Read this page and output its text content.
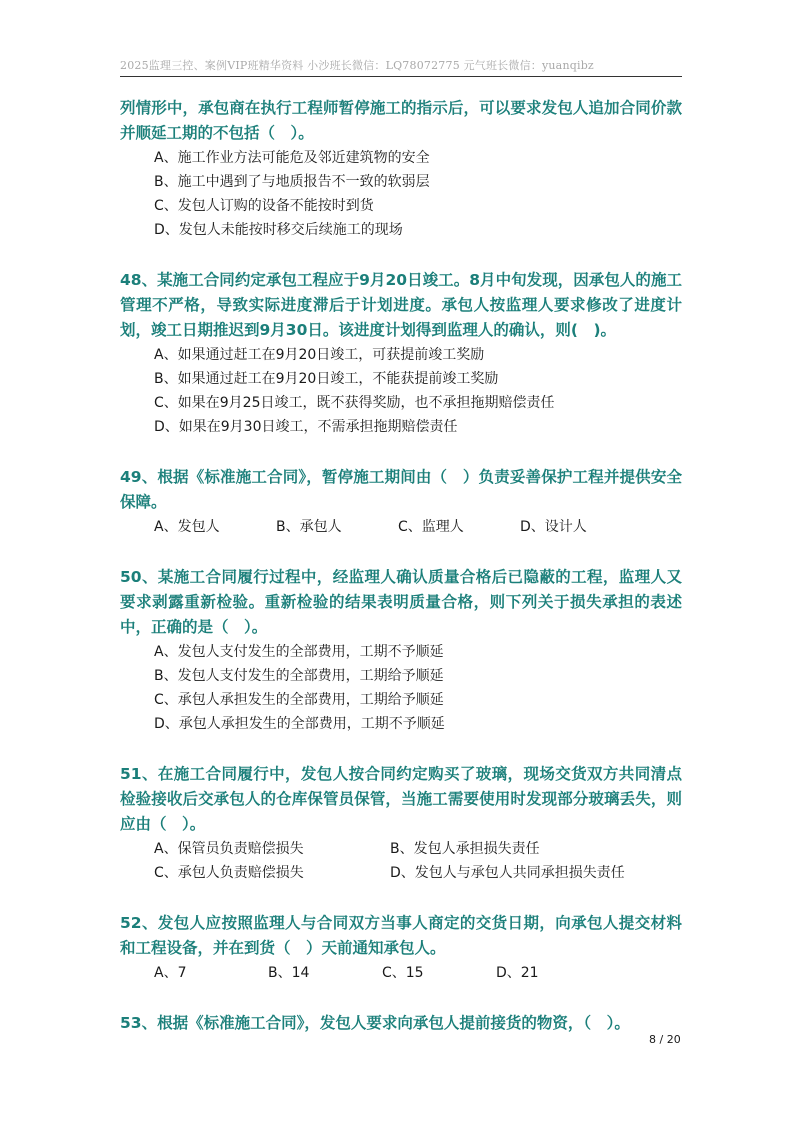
2025监理三控、案例VIP班精华资料 小沙班长微信：LQ78072775 元气班长微信：yuanqibz
列情形中，承包商在执行工程师暂停施工的指示后，可以要求发包人追加合同价款并顺延工期的不包括（　）。
A、施工作业方法可能危及邻近建筑物的安全
B、施工中遇到了与地质报告不一致的软弱层
C、发包人订购的设备不能按时到货
D、发包人未能按时移交后续施工的现场
48、某施工合同约定承包工程应于9月20日竣工。8月中旬发现，因承包人的施工管理不严格，导致实际进度滞后于计划进度。承包人按监理人要求修改了进度计划，竣工日期推迟到9月30日。该进度计划得到监理人的确认，则(　)。
A、如果通过赶工在9月20日竣工，可获提前竣工奖励
B、如果通过赶工在9月20日竣工，不能获提前竣工奖励
C、如果在9月25日竣工，既不获得奖励，也不承担拖期赔偿责任
D、如果在9月30日竣工，不需承担拖期赔偿责任
49、根据《标准施工合同》，暂停施工期间由（　）负责妥善保护工程并提供安全保障。
A、发包人	B、承包人	C、监理人	D、设计人
50、某施工合同履行过程中，经监理人确认质量合格后已隐蔽的工程，监理人又要求剥露重新检验。重新检验的结果表明质量合格，则下列关于损失承担的表述中，正确的是（　）。
A、发包人支付发生的全部费用，工期不予顺延
B、发包人支付发生的全部费用，工期给予顺延
C、承包人承担发生的全部费用，工期给予顺延
D、承包人承担发生的全部费用，工期不予顺延
51、在施工合同履行中，发包人按合同约定购买了玻璃，现场交货双方共同清点检验接收后交承包人的仓库保管员保管，当施工需要使用时发现部分玻璃丢失，则应由（　）。
A、保管员负责赔偿损失	B、发包人承担损失责任
C、承包人负责赔偿损失	D、发包人与承包人共同承担损失责任
52、发包人应按照监理人与合同双方当事人商定的交货日期，向承包人提交材料和工程设备，并在到货（　）天前通知承包人。
A、7	B、14	C、15	D、21
53、根据《标准施工合同》，发包人要求向承包人提前接货的物资，（　）。
8 / 20
